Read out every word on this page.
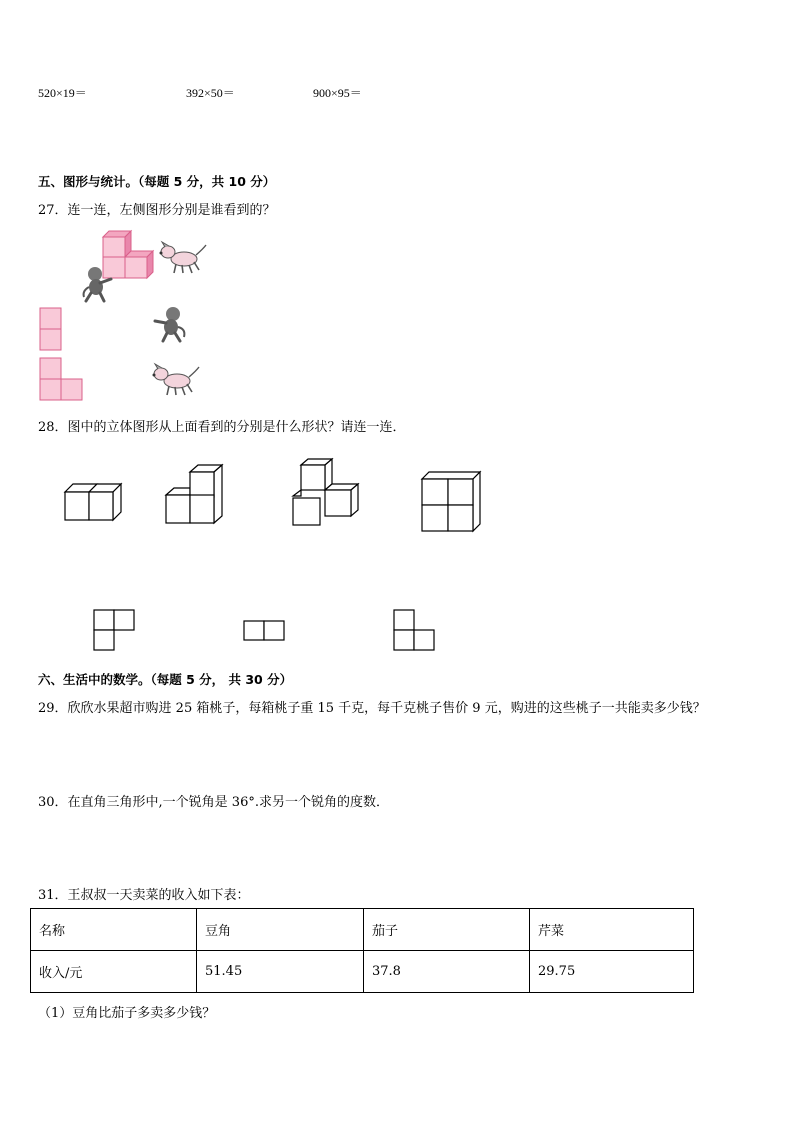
520×19＝	392×50＝	900×95＝
五、图形与统计。（每题 5 分，共 10 分）
27．连一连，左侧图形分别是谁看到的？
28．图中的立体图形从上面看到的分别是什么形状？请连一连．
六、生活中的数学。（每题 5 分， 共 30 分）
29．欣欣水果超市购进 25 箱桃子，每箱桃子重 15 千克，每千克桃子售价 9 元，购进的这些桃子一共能卖多少钱？
30．在直角三角形中,一个锐角是 36°.求另一个锐角的度数．
31．王叔叔一天卖菜的收入如下表：
名称	豆角	茄子	芹菜
收入/元	51.45	37.8	29.75
（1）豆角比茄子多卖多少钱？
